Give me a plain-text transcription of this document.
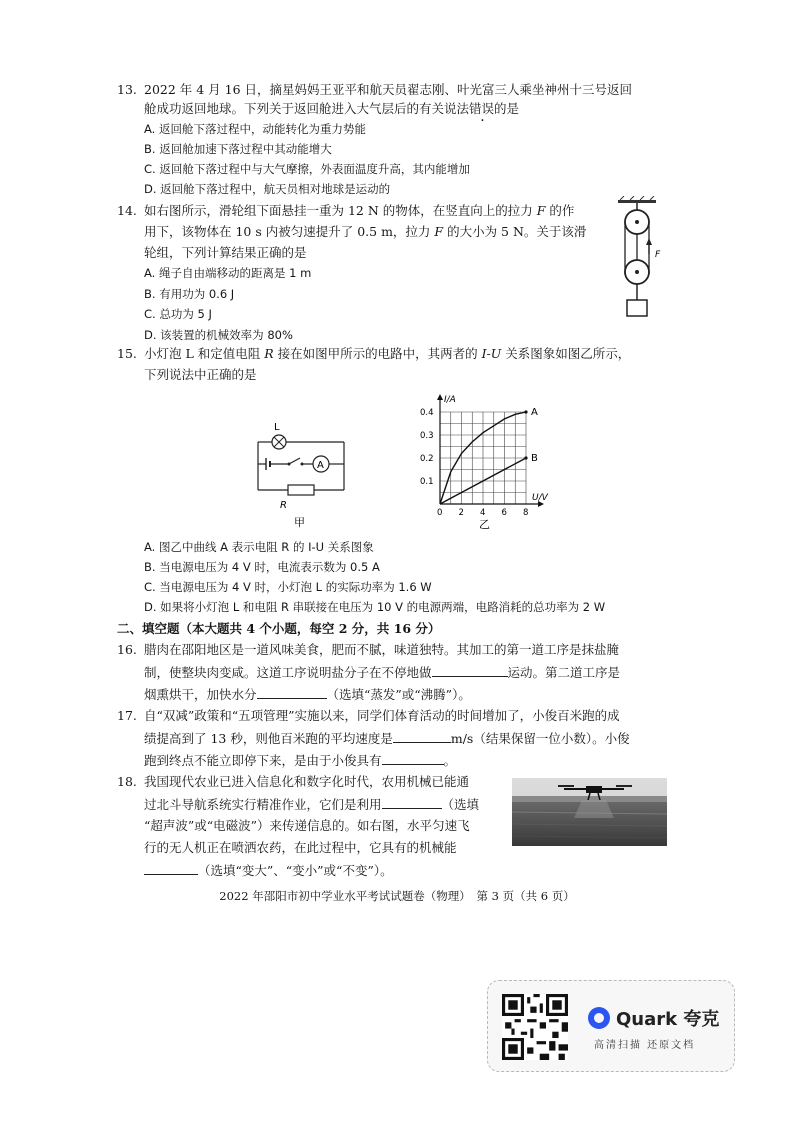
13. 2022 年 4 月 16 日，摘星妈妈王亚平和航天员翟志刚、叶光富三人乘坐神州十三号返回
舱成功返回地球。下列关于返回舱进入大气层后的有关说法错误的是
A. 返回舱下落过程中，动能转化为重力势能
B. 返回舱加速下落过程中其动能增大
C. 返回舱下落过程中与大气摩擦，外表面温度升高，其内能增加
D. 返回舱下落过程中，航天员相对地球是运动的
14. 如右图所示，滑轮组下面悬挂一重为 12 N 的物体，在竖直向上的拉力 F 的作
用下，该物体在 10 s 内被匀速提升了 0.5 m，拉力 F 的大小为 5 N。关于该滑
轮组，下列计算结果正确的是
A. 绳子自由端移动的距离是 1 m
B. 有用功为 0.6 J
C. 总功为 5 J
D. 该装置的机械效率为 80%
F
15. 小灯泡 L 和定值电阻 R 接在如图甲所示的电路中，其两者的 I-U 关系图象如图乙所示，
下列说法中正确的是
L
A
R
甲
I/A
U/V
0 2 4 6 8
0.1
0.2
0.3
0.4	A
B
乙
A. 图乙中曲线 A 表示电阻 R 的 I-U 关系图象
B. 当电源电压为 4 V 时，电流表示数为 0.5 A
C. 当电源电压为 4 V 时，小灯泡 L 的实际功率为 1.6 W
D. 如果将小灯泡 L 和电阻 R 串联接在电压为 10 V 的电源两端，电路消耗的总功率为 2 W
二、填空题（本大题共 4 个小题，每空 2 分，共 16 分）
16. 腊肉在邵阳地区是一道风味美食，肥而不腻，味道独特。其加工的第一道工序是抹盐腌
制，使整块肉变咸。这道工序说明盐分子在不停地做	运动。第二道工序是
烟熏烘干，加快水分	（选填“蒸发”或“沸腾”）。
17. 自“双减”政策和“五项管理”实施以来，同学们体育活动的时间增加了，小俊百米跑的成
绩提高到了 13 秒，则他百米跑的平均速度是	m/s（结果保留一位小数）。小俊
跑到终点不能立即停下来，是由于小俊具有	。
18. 我国现代农业已进入信息化和数字化时代，农用机械已能通
过北斗导航系统实行精准作业，它们是利用	（选填
“超声波”或“电磁波”）来传递信息的。如右图，水平匀速飞
行的无人机正在喷洒农药，在此过程中，它具有的机械能
（选填“变大”、“变小”或“不变”）。
2022 年邵阳市初中学业水平考试试题卷（物理）　第 3 页（共 6 页）
Quark 夸克
高清扫描 还原文档
